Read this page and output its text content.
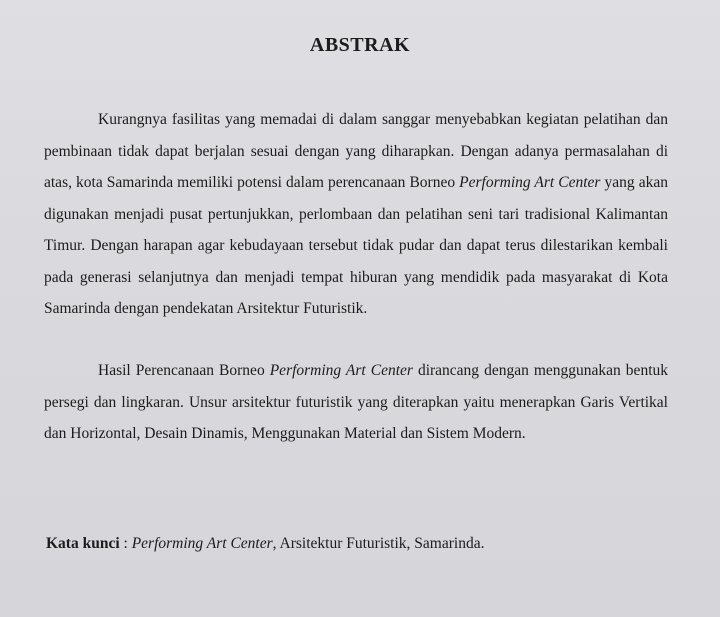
ABSTRAK

Kurangnya fasilitas yang memadai di dalam sanggar menyebabkan kegiatan pelatihan dan pembinaan tidak dapat berjalan sesuai dengan yang diharapkan. Dengan adanya permasalahan di atas, kota Samarinda memiliki potensi dalam perencanaan Borneo Performing Art Center yang akan digunakan menjadi pusat pertunjukkan, perlombaan dan pelatihan seni tari tradisional Kalimantan Timur. Dengan harapan agar kebudayaan tersebut tidak pudar dan dapat terus dilestarikan kembali pada generasi selanjutnya dan menjadi tempat hiburan yang mendidik pada masyarakat di Kota Samarinda dengan pendekatan Arsitektur Futuristik.

Hasil Perencanaan Borneo Performing Art Center dirancang dengan menggunakan bentuk persegi dan lingkaran. Unsur arsitektur futuristik yang diterapkan yaitu menerapkan Garis Vertikal dan Horizontal, Desain Dinamis, Menggunakan Material dan Sistem Modern.

Kata kunci : Performing Art Center, Arsitektur Futuristik, Samarinda.
